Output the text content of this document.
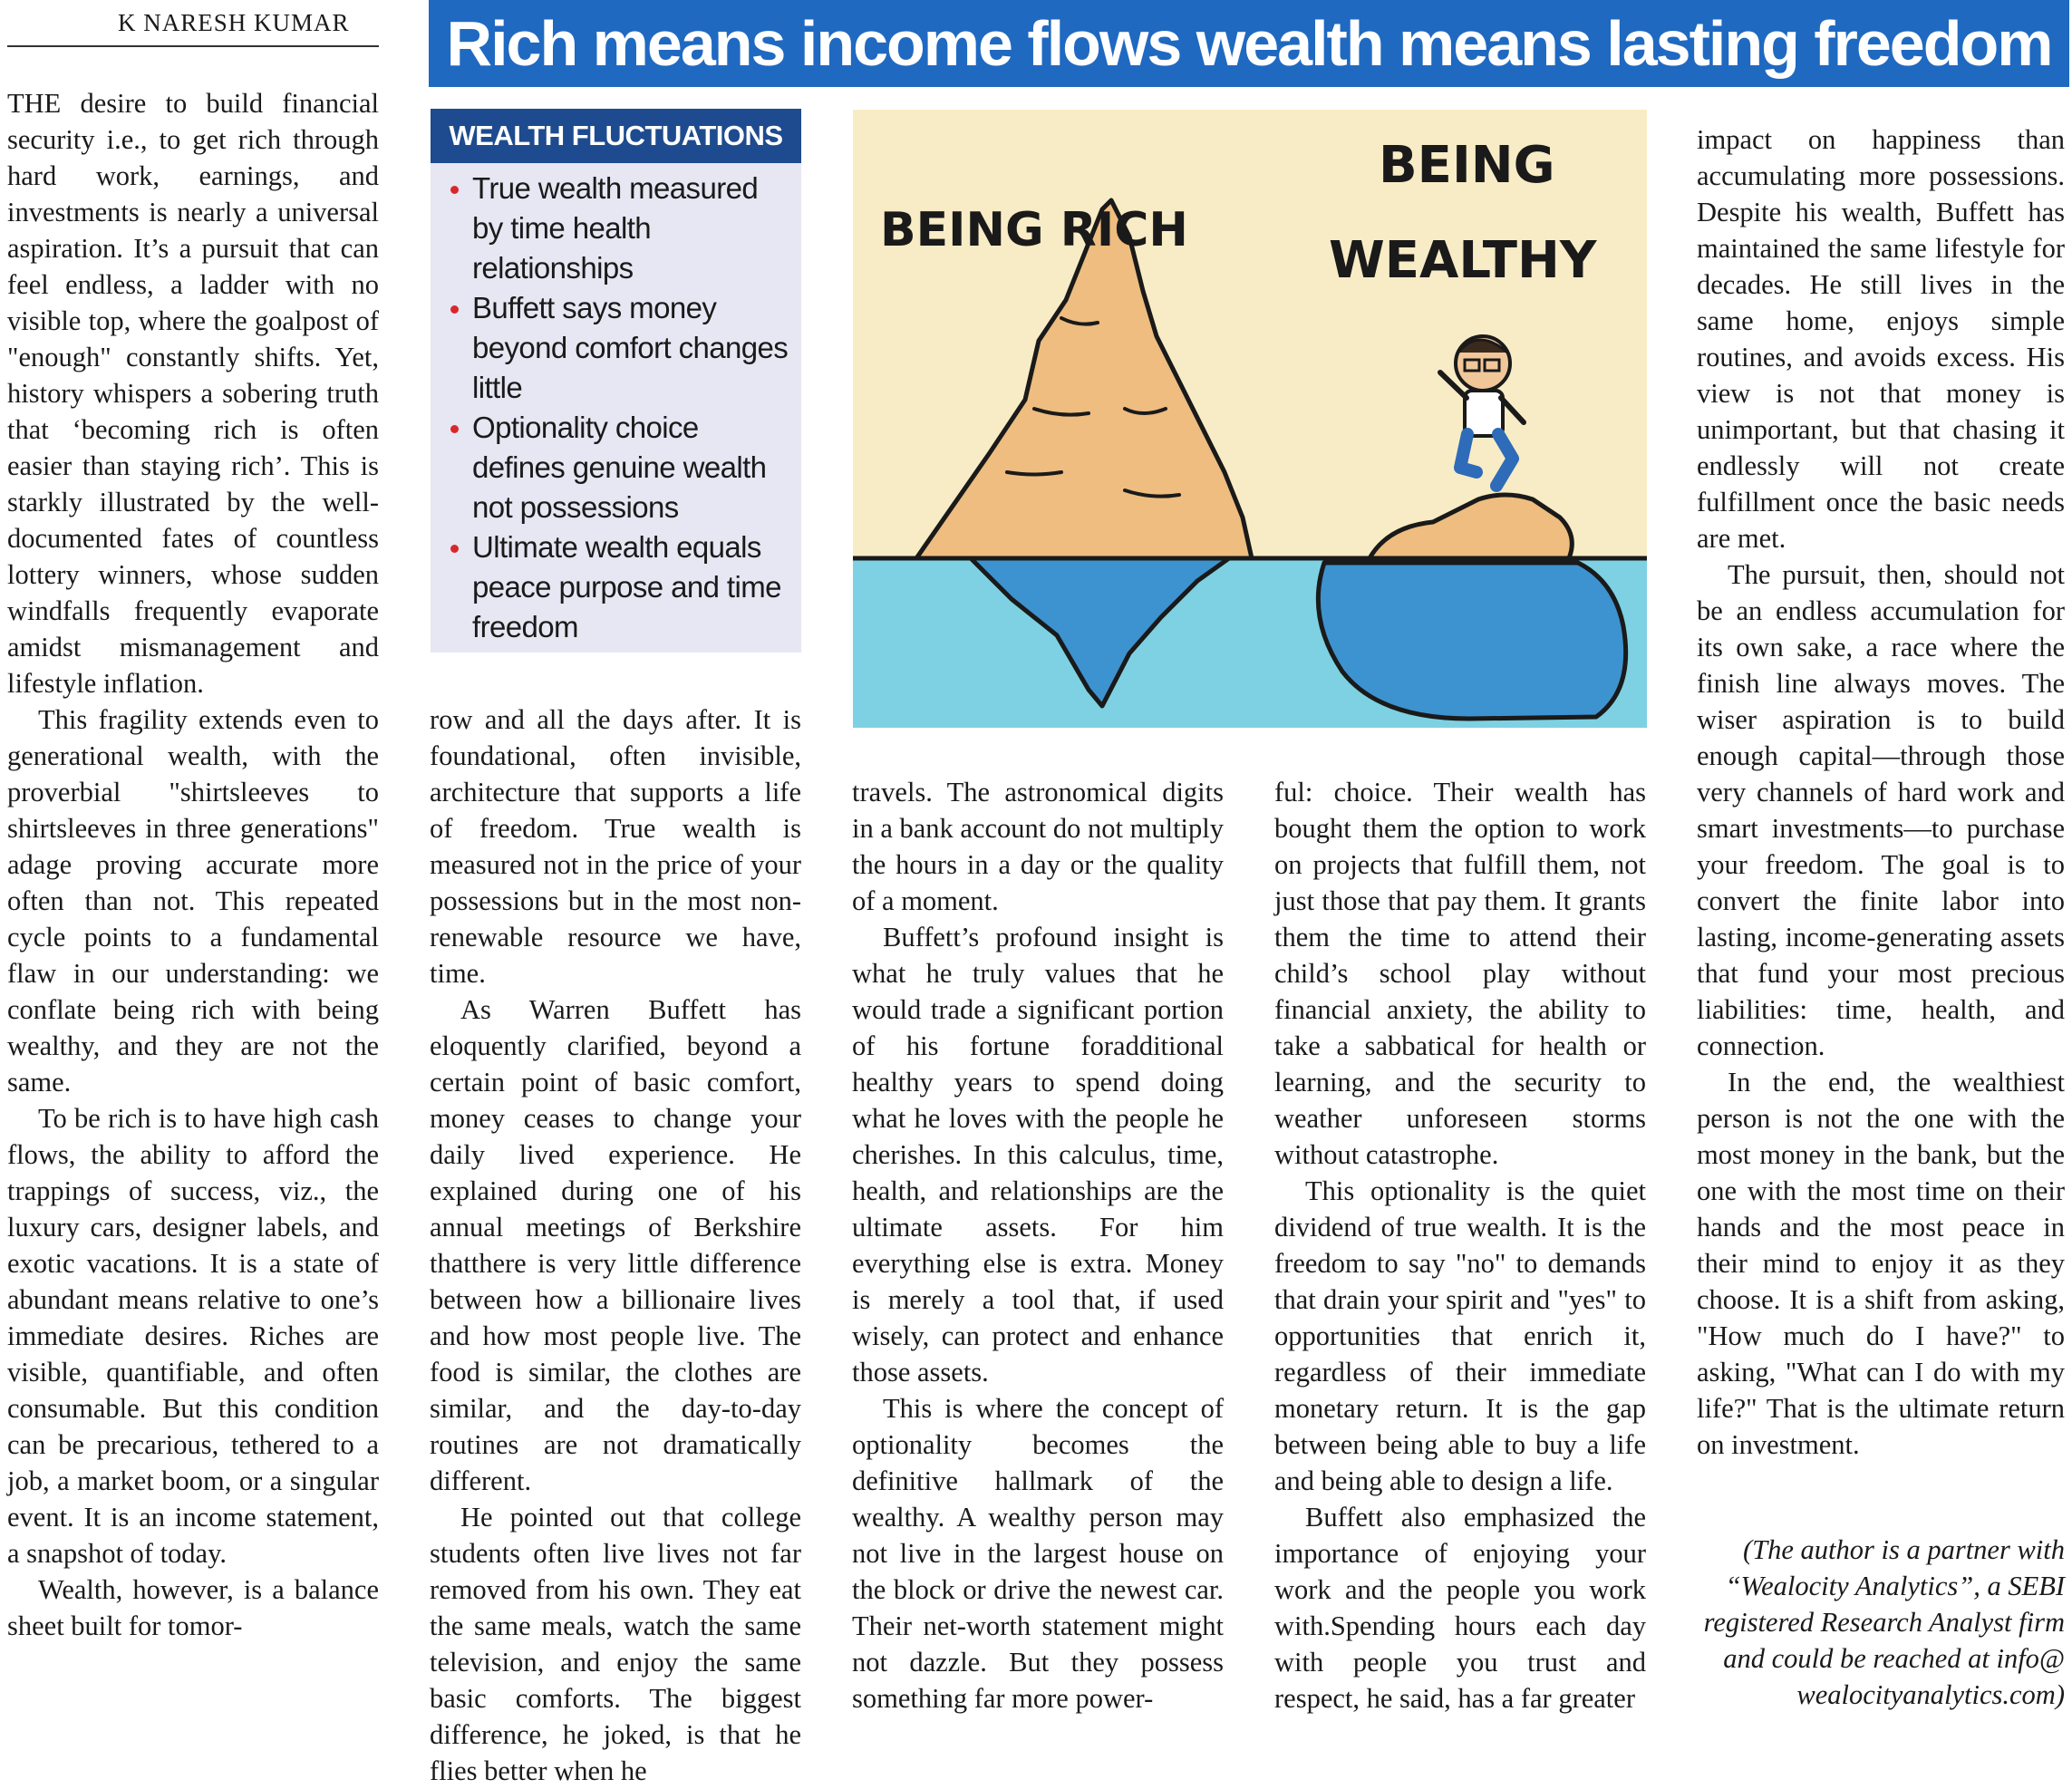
K NARESH KUMAR Rich means income flows wealth means lasting freedom

THE desire to build financial security i.e., to get rich through hard work, earnings, and investments is nearly a universal aspiration. It’s a pursuit that can feel endless, a ladder with no visible top, where the goalpost of "enough" constantly shifts. Yet, history whispers a sobering truth that ‘becoming rich is often easier than staying rich’. This is starkly illustrated by the well-documented fates of countless lottery winners, whose sudden windfalls frequently evaporate amidst mismanagement and lifestyle inflation.

This fragility extends even to generational wealth, with the proverbial "shirtsleeves to shirtsleeves in three generations" adage proving accurate more often than not. This repeated cycle points to a fundamental flaw in our understanding: we conflate being rich with being wealthy, and they are not the same.

To be rich is to have high cash flows, the ability to afford the trappings of success, viz., the luxury cars, designer labels, and exotic vacations. It is a state of abundant means relative to one’s immediate desires. Riches are visible, quantifiable, and often consumable. But this condition can be precarious, tethered to a job, a market boom, or a singular event. It is an income statement, a snapshot of today.

Wealth, however, is a balance sheet built for tomor-

WEALTH FLUCTUATIONS
True wealth measured by time health relationships
Buffett says money beyond comfort changes little
Optionality choice defines genuine wealth not possessions
Ultimate wealth equals peace purpose and time freedom

row and all the days after. It is foundational, often invisible, architecture that supports a life of freedom. True wealth is measured not in the price of your possessions but in the most non-renewable resource we have, time.

As Warren Buffett has eloquently clarified, beyond a certain point of basic comfort, money ceases to change your daily lived experience. He explained during one of his annual meetings of Berkshire thatthere is very little difference between how a billionaire lives and how most people live. The food is similar, the clothes are similar, and the day-to-day routines are not dramatically different.

He pointed out that college students often live lives not far removed from his own. They eat the same meals, watch the same television, and enjoy the same basic comforts. The biggest difference, he joked, is that he flies better when he

BEING RICH
BEING
WEALTHY

travels. The astronomical digits in a bank account do not multiply the hours in a day or the quality of a moment.

Buffett’s profound insight is what he truly values that he would trade a significant portion of his fortune foradditional healthy years to spend doing what he loves with the people he cherishes. In this calculus, time, health, and relationships are the ultimate assets. For him everything else is extra. Money is merely a tool that, if used wisely, can protect and enhance those assets.

This is where the concept of optionality becomes the definitive hallmark of the wealthy. A wealthy person may not live in the largest house on the block or drive the newest car. Their net-worth statement might not dazzle. But they possess something far more power-

ful: choice. Their wealth has bought them the option to work on projects that fulfill them, not just those that pay them. It grants them the time to attend their child’s school play without financial anxiety, the ability to take a sabbatical for health or learning, and the security to weather unforeseen storms without catastrophe.

This optionality is the quiet dividend of true wealth. It is the freedom to say "no" to demands that drain your spirit and "yes" to opportunities that enrich it, regardless of their immediate monetary return. It is the gap between being able to buy a life and being able to design a life.

Buffett also emphasized the importance of enjoying your work and the people you work with.Spending hours each day with people you trust and respect, he said, has a far greater

impact on happiness than accumulating more possessions. Despite his wealth, Buffett has maintained the same lifestyle for decades. He still lives in the same home, enjoys simple routines, and avoids excess. His view is not that money is unimportant, but that chasing it endlessly will not create fulfillment once the basic needs are met.

The pursuit, then, should not be an endless accumulation for its own sake, a race where the finish line always moves. The wiser aspiration is to build enough capital—through those very channels of hard work and smart investments—to purchase your freedom. The goal is to convert the finite labor into lasting, income-generating assets that fund your most precious liabilities: time, health, and connection.

In the end, the wealthiest person is not the one with the most money in the bank, but the one with the most time on their hands and the most peace in their mind to enjoy it as they choose. It is a shift from asking, "How much do I have?" to asking, "What can I do with my life?" That is the ultimate return on investment.

(The author is a partner with “Wealocity Analytics”, a SEBI registered Research Analyst firm and could be reached at info@ wealocityanalytics.com)
